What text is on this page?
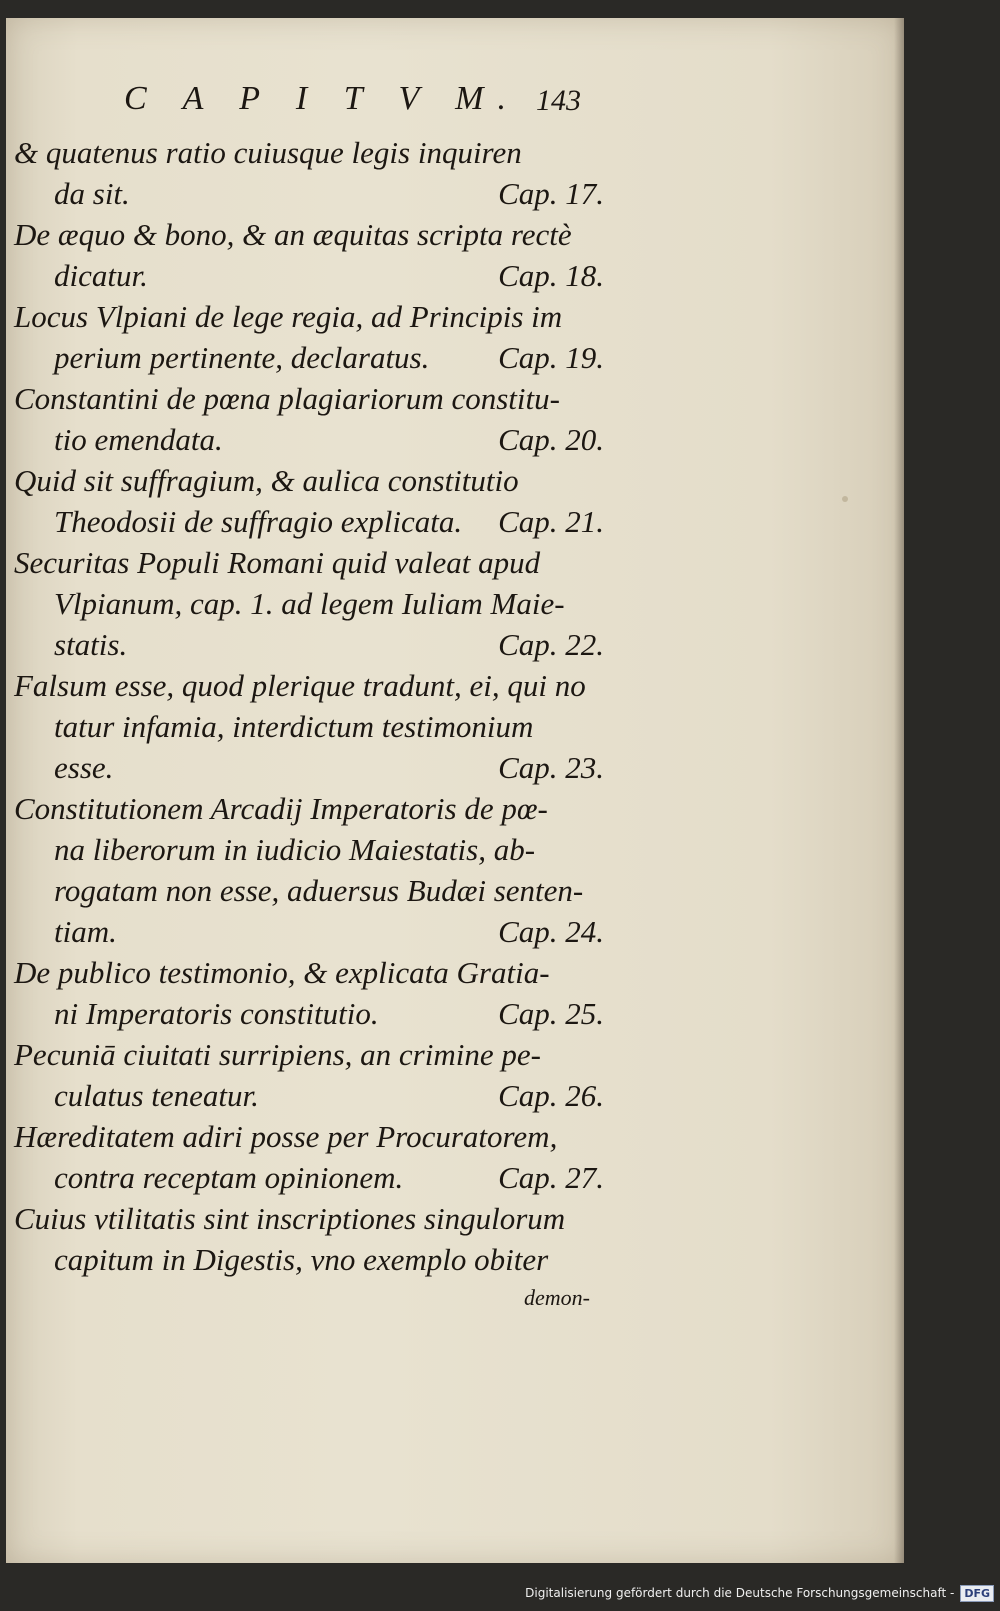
C A P I T V M. 143
& quatenus ratio cuiusque legis inquiren
da sit.	Cap. 17.
De æquo & bono, & an æquitas scripta rectè
dicatur.	Cap. 18.
Locus Vlpiani de lege regia, ad Principis im
perium pertinente, declaratus. Cap. 19.
Constantini de pœna plagiariorum constitu-
tio emendata.	Cap. 20.
Quid sit suffragium, & aulica constitutio
Theodosii de suffragio explicata. Cap. 21.
Securitas Populi Romani quid valeat apud
Vlpianum, cap. 1. ad legem Iuliam Maie-
statis.	Cap. 22.
Falsum esse, quod plerique tradunt, ei, qui no
tatur infamia, interdictum testimonium
esse.	Cap. 23.
Constitutionem Arcadij Imperatoris de pœ-
na liberorum in iudicio Maiestatis, ab-
rogatam non esse, aduersus Budæi senten-
tiam.	Cap. 24.
De publico testimonio, & explicata Gratia-
ni Imperatoris constitutio.	Cap. 25.
Pecuniā ciuitati surripiens, an crimine pe-
culatus teneatur.	Cap. 26.
Hæreditatem adiri posse per Procuratorem,
contra receptam opinionem.	Cap. 27.
Cuius vtilitatis sint inscriptiones singulorum
capitum in Digestis, vno exemplo obiter
demon-
Digitalisierung gefördert durch die Deutsche Forschungsgemeinschaft - DFG
